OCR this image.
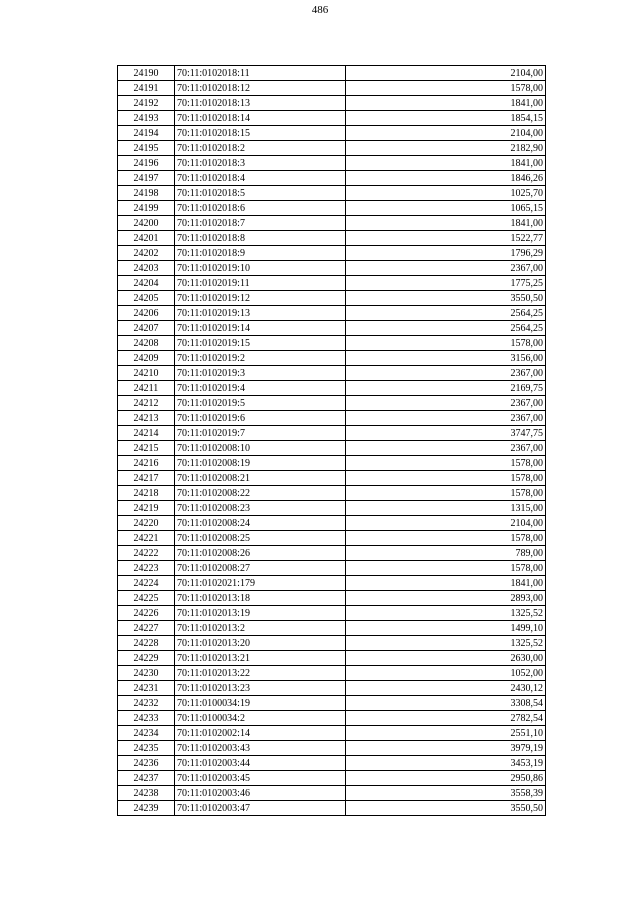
486
24190	70:11:0102018:11	2104,00
24191	70:11:0102018:12	1578,00
24192	70:11:0102018:13	1841,00
24193	70:11:0102018:14	1854,15
24194	70:11:0102018:15	2104,00
24195	70:11:0102018:2	2182,90
24196	70:11:0102018:3	1841,00
24197	70:11:0102018:4	1846,26
24198	70:11:0102018:5	1025,70
24199	70:11:0102018:6	1065,15
24200	70:11:0102018:7	1841,00
24201	70:11:0102018:8	1522,77
24202	70:11:0102018:9	1796,29
24203	70:11:0102019:10	2367,00
24204	70:11:0102019:11	1775,25
24205	70:11:0102019:12	3550,50
24206	70:11:0102019:13	2564,25
24207	70:11:0102019:14	2564,25
24208	70:11:0102019:15	1578,00
24209	70:11:0102019:2	3156,00
24210	70:11:0102019:3	2367,00
24211	70:11:0102019:4	2169,75
24212	70:11:0102019:5	2367,00
24213	70:11:0102019:6	2367,00
24214	70:11:0102019:7	3747,75
24215	70:11:0102008:10	2367,00
24216	70:11:0102008:19	1578,00
24217	70:11:0102008:21	1578,00
24218	70:11:0102008:22	1578,00
24219	70:11:0102008:23	1315,00
24220	70:11:0102008:24	2104,00
24221	70:11:0102008:25	1578,00
24222	70:11:0102008:26	789,00
24223	70:11:0102008:27	1578,00
24224	70:11:0102021:179	1841,00
24225	70:11:0102013:18	2893,00
24226	70:11:0102013:19	1325,52
24227	70:11:0102013:2	1499,10
24228	70:11:0102013:20	1325,52
24229	70:11:0102013:21	2630,00
24230	70:11:0102013:22	1052,00
24231	70:11:0102013:23	2430,12
24232	70:11:0100034:19	3308,54
24233	70:11:0100034:2	2782,54
24234	70:11:0102002:14	2551,10
24235	70:11:0102003:43	3979,19
24236	70:11:0102003:44	3453,19
24237	70:11:0102003:45	2950,86
24238	70:11:0102003:46	3558,39
24239	70:11:0102003:47	3550,50
